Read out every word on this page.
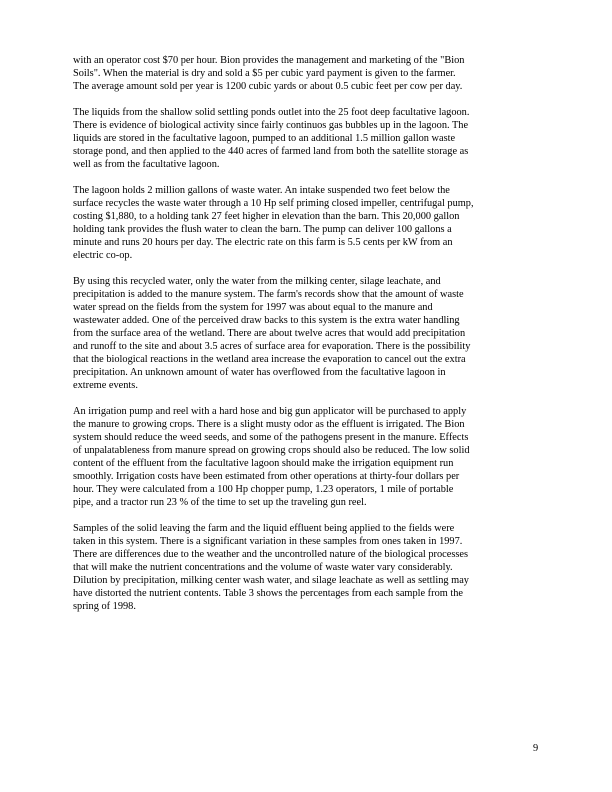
with an operator cost $70 per hour. Bion provides the management and marketing of the "Bion
Soils". When the material is dry and sold a $5 per cubic yard payment is given to the farmer.
The average amount sold per year is 1200 cubic yards or about 0.5 cubic feet per cow per day.
The liquids from the shallow solid settling ponds outlet into the 25 foot deep facultative lagoon.
There is evidence of biological activity since fairly continuos gas bubbles up in the lagoon. The
liquids are stored in the facultative lagoon, pumped to an additional 1.5 million gallon waste
storage pond, and then applied to the 440 acres of farmed land from both the satellite storage as
well as from the facultative lagoon.
The lagoon holds 2 million gallons of waste water. An intake suspended two feet below the
surface recycles the waste water through a 10 Hp self priming closed impeller, centrifugal pump,
costing $1,880, to a holding tank 27 feet higher in elevation than the barn. This 20,000 gallon
holding tank provides the flush water to clean the barn. The pump can deliver 100 gallons a
minute and runs 20 hours per day. The electric rate on this farm is 5.5 cents per kW from an
electric co-op.
By using this recycled water, only the water from the milking center, silage leachate, and
precipitation is added to the manure system. The farm's records show that the amount of waste
water spread on the fields from the system for 1997 was about equal to the manure and
wastewater added. One of the perceived draw backs to this system is the extra water handling
from the surface area of the wetland. There are about twelve acres that would add precipitation
and runoff to the site and about 3.5 acres of surface area for evaporation. There is the possibility
that the biological reactions in the wetland area increase the evaporation to cancel out the extra
precipitation. An unknown amount of water has overflowed from the facultative lagoon in
extreme events.
An irrigation pump and reel with a hard hose and big gun applicator will be purchased to apply
the manure to growing crops. There is a slight musty odor as the effluent is irrigated. The Bion
system should reduce the weed seeds, and some of the pathogens present in the manure. Effects
of unpalatableness from manure spread on growing crops should also be reduced. The low solid
content of the effluent from the facultative lagoon should make the irrigation equipment run
smoothly. Irrigation costs have been estimated from other operations at thirty-four dollars per
hour. They were calculated from a 100 Hp chopper pump, 1.23 operators, 1 mile of portable
pipe, and a tractor run 23 % of the time to set up the traveling gun reel.
Samples of the solid leaving the farm and the liquid effluent being applied to the fields were
taken in this system. There is a significant variation in these samples from ones taken in 1997.
There are differences due to the weather and the uncontrolled nature of the biological processes
that will make the nutrient concentrations and the volume of waste water vary considerably.
Dilution by precipitation, milking center wash water, and silage leachate as well as settling may
have distorted the nutrient contents. Table 3 shows the percentages from each sample from the
spring of 1998.
9
